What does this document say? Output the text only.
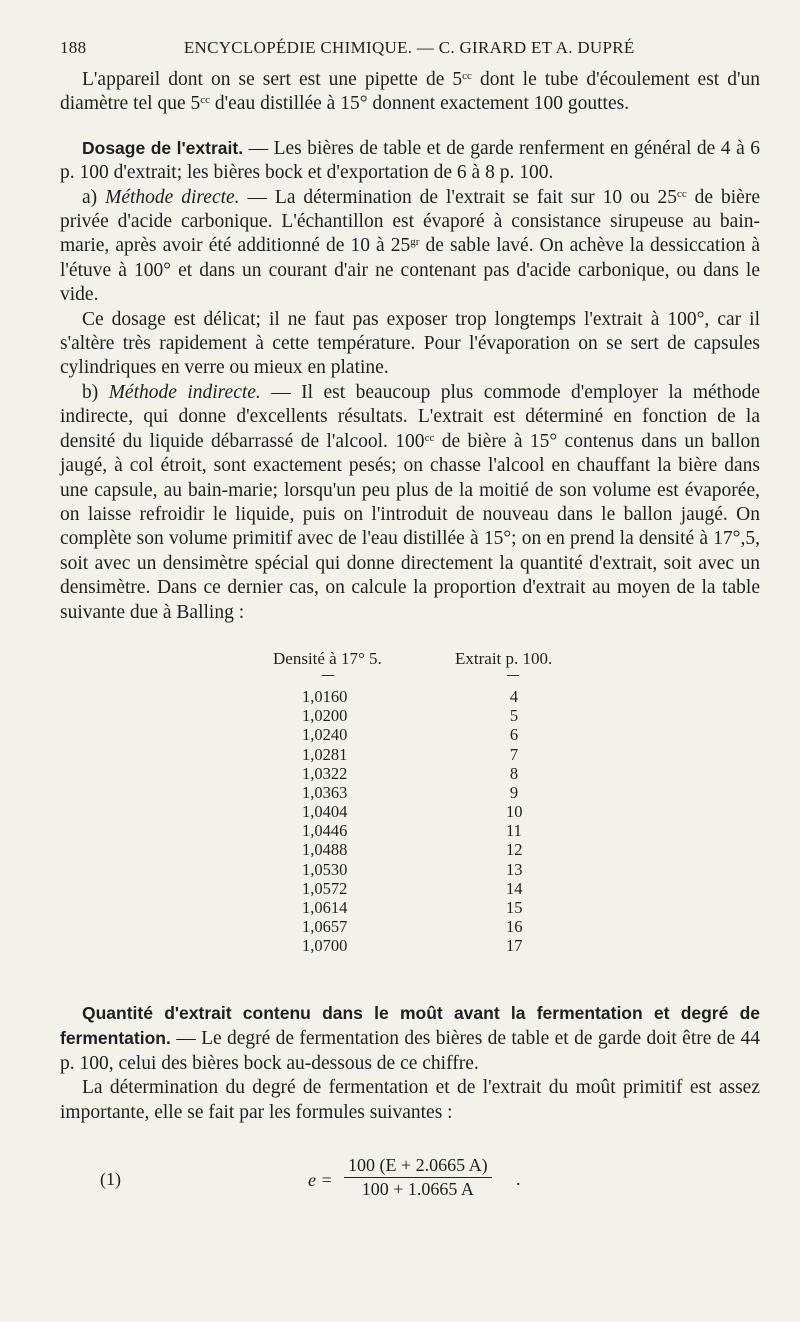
188	ENCYCLOPÉDIE CHIMIQUE. — C. GIRARD ET A. DUPRÉ

L'appareil dont on se sert est une pipette de $5^{cc}$ dont le tube d'écoulement est d'un diamètre tel que $5^{cc}$ d'eau distillée à 15° donnent exactement 100 gouttes.

Dosage de l'extrait. — Les bières de table et de garde renferment en général de 4 à 6 p. 100 d'extrait; les bières bock et d'exportation de 6 à 8 p. 100.

a) Méthode directe. — La détermination de l'extrait se fait sur 10 ou $25^{cc}$ de bière privée d'acide carbonique. L'échantillon est évaporé à consistance sirupeuse au bain-marie, après avoir été additionné de 10 à $25^{gr}$ de sable lavé. On achève la dessiccation à l'étuve à 100° et dans un courant d'air ne contenant pas d'acide carbonique, ou dans le vide.

Ce dosage est délicat; il ne faut pas exposer trop longtemps l'extrait à 100°, car il s'altère très rapidement à cette température. Pour l'évaporation on se sert de capsules cylindriques en verre ou mieux en platine.

b) Méthode indirecte. — Il est beaucoup plus commode d'employer la méthode indirecte, qui donne d'excellents résultats. L'extrait est déterminé en fonction de la densité du liquide débarrassé de l'alcool. $100^{cc}$ de bière à 15° contenus dans un ballon jaugé, à col étroit, sont exactement pesés; on chasse l'alcool en chauffant la bière dans une capsule, au bain-marie; lorsqu'un peu plus de la moitié de son volume est évaporée, on laisse refroidir le liquide, puis on l'introduit de nouveau dans le ballon jaugé. On complète son volume primitif avec de l'eau distillée à 15°; on en prend la densité à 17°,5, soit avec un densimètre spécial qui donne directement la quantité d'extrait, soit avec un densimètre. Dans ce dernier cas, on calcule la proportion d'extrait au moyen de la table suivante due à Balling :

Densité à 17° 5.	Extrait p. 100.
1,0160	4
1,0200	5
1,0240	6
1,0281	7
1,0322	8
1,0363	9
1,0404	10
1,0446	11
1,0488	12
1,0530	13
1,0572	14
1,0614	15
1,0657	16
1,0700	17

Quantité d'extrait contenu dans le moût avant la fermentation et degré de fermentation. — Le degré de fermentation des bières de table et de garde doit être de 44 p. 100, celui des bières bock au-dessous de ce chiffre.

La détermination du degré de fermentation et de l'extrait du moût primitif est assez importante, elle se fait par les formules suivantes :

(1)	$e = \frac{100 (E + 2.0665 A)}{100 + 1.0665 A}$ .
